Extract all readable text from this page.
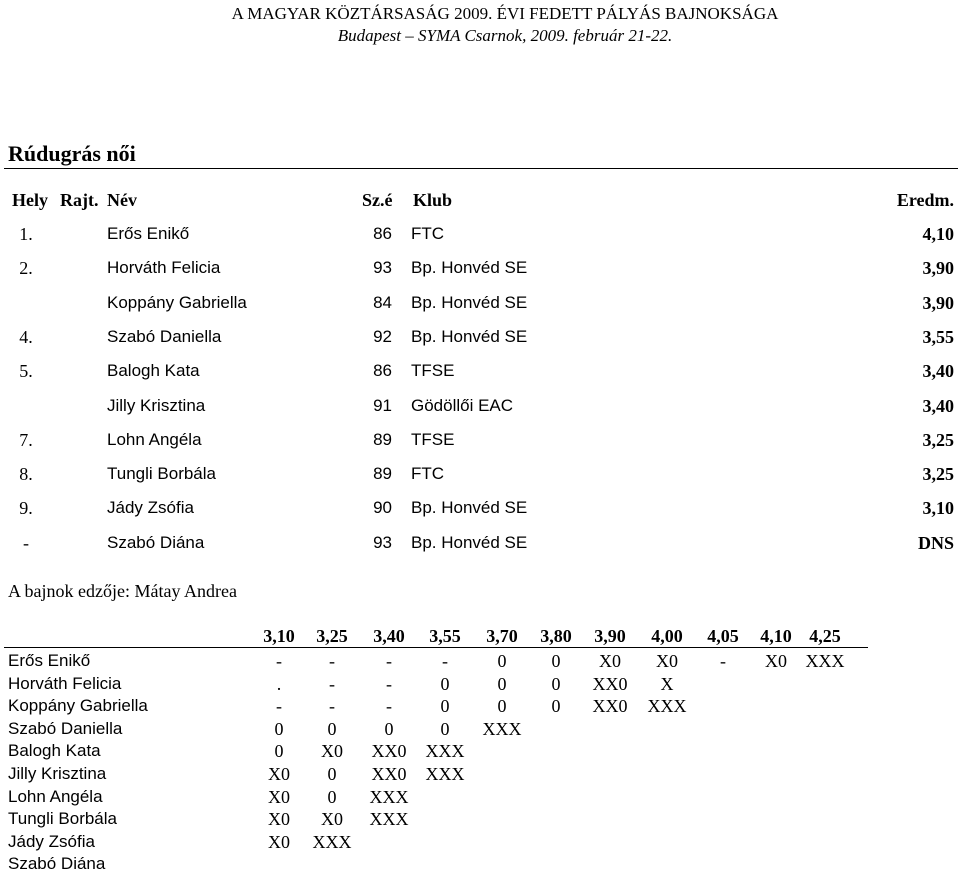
A MAGYAR KÖZTÁRSASÁG 2009. ÉVI FEDETT PÁLYÁS BAJNOKSÁGA
Budapest – SYMA Csarnok, 2009. február 21-22.
Rúdugrás női
Hely Rajt. Név	Sz.é Klub	Eredm.
1.	Erős Enikő	86 FTC	4,10
2.	Horváth Felicia	93 Bp. Honvéd SE	3,90
Koppány Gabriella	84 Bp. Honvéd SE	3,90
4.	Szabó Daniella	92 Bp. Honvéd SE	3,55
5.	Balogh Kata	86 TFSE	3,40
Jilly Krisztina	91 Gödöllői EAC	3,40
7.	Lohn Angéla	89 TFSE	3,25
8.	Tungli Borbála	89 FTC	3,25
9.	Jády Zsófia	90 Bp. Honvéd SE	3,10
-	Szabó Diána	93 Bp. Honvéd SE	DNS
A bajnok edzője: Mátay Andrea
3,10	3,25	3,40	3,55	3,70	3,80	3,90	4,00	4,05	4,10 4,25
Erős Enikő	-	-	-	-	0	0	X0	X0	-	X0	XXX
Horváth Felicia	.	-	-	0	0	0	XX0	X
Koppány Gabriella	-	-	-	0	0	0	XX0	XXX
Szabó Daniella	0	0	0	0	XXX
Balogh Kata	0	X0	XX0	XXX
Jilly Krisztina	X0	0	XX0	XXX
Lohn Angéla	X0	0	XXX
Tungli Borbála	X0	X0	XXX
Jády Zsófia	X0	XXX
Szabó Diána
